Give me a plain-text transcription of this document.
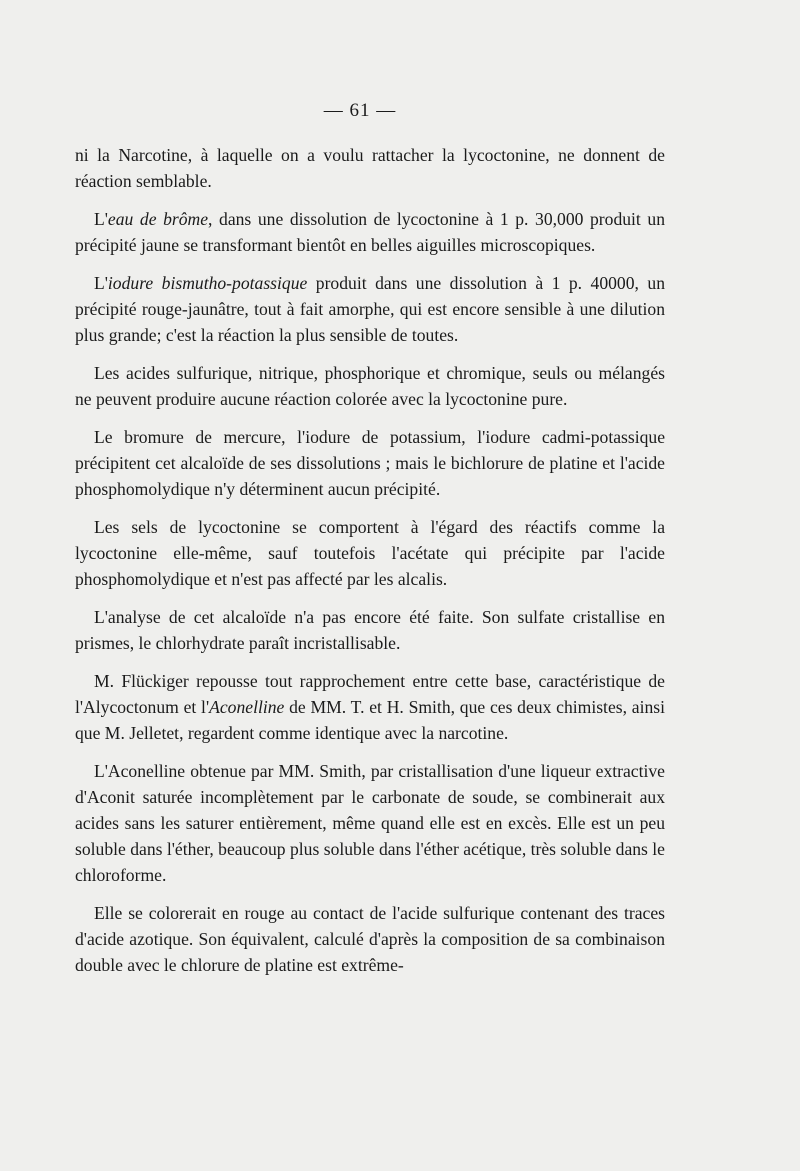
— 61 —

ni la Narcotine, à laquelle on a voulu rattacher la lycoctonine, ne donnent de réaction semblable.

L'eau de brôme, dans une dissolution de lycoctonine à 1 p. 30,000 produit un précipité jaune se transformant bientôt en belles aiguilles microscopiques.

L'iodure bismutho-potassique produit dans une dissolution à 1 p. 40000, un précipité rouge-jaunâtre, tout à fait amorphe, qui est encore sensible à une dilution plus grande; c'est la réaction la plus sensible de toutes.

Les acides sulfurique, nitrique, phosphorique et chromique, seuls ou mélangés ne peuvent produire aucune réaction colorée avec la lycoctonine pure.

Le bromure de mercure, l'iodure de potassium, l'iodure cadmi-potassique précipitent cet alcaloïde de ses dissolutions ; mais le bichlorure de platine et l'acide phosphomolydique n'y déterminent aucun précipité.

Les sels de lycoctonine se comportent à l'égard des réactifs comme la lycoctonine elle-même, sauf toutefois l'acétate qui précipite par l'acide phosphomolydique et n'est pas affecté par les alcalis.

L'analyse de cet alcaloïde n'a pas encore été faite. Son sulfate cristallise en prismes, le chlorhydrate paraît incristallisable.

M. Flückiger repousse tout rapprochement entre cette base, caractéristique de l'Alycoctonum et l'Aconelline de MM. T. et H. Smith, que ces deux chimistes, ainsi que M. Jelletet, regardent comme identique avec la narcotine.

L'Aconelline obtenue par MM. Smith, par cristallisation d'une liqueur extractive d'Aconit saturée incomplètement par le carbonate de soude, se combinerait aux acides sans les saturer entièrement, même quand elle est en excès. Elle est un peu soluble dans l'éther, beaucoup plus soluble dans l'éther acétique, très soluble dans le chloroforme.

Elle se colorerait en rouge au contact de l'acide sulfurique contenant des traces d'acide azotique. Son équivalent, calculé d'après la composition de sa combinaison double avec le chlorure de platine est extrême-
